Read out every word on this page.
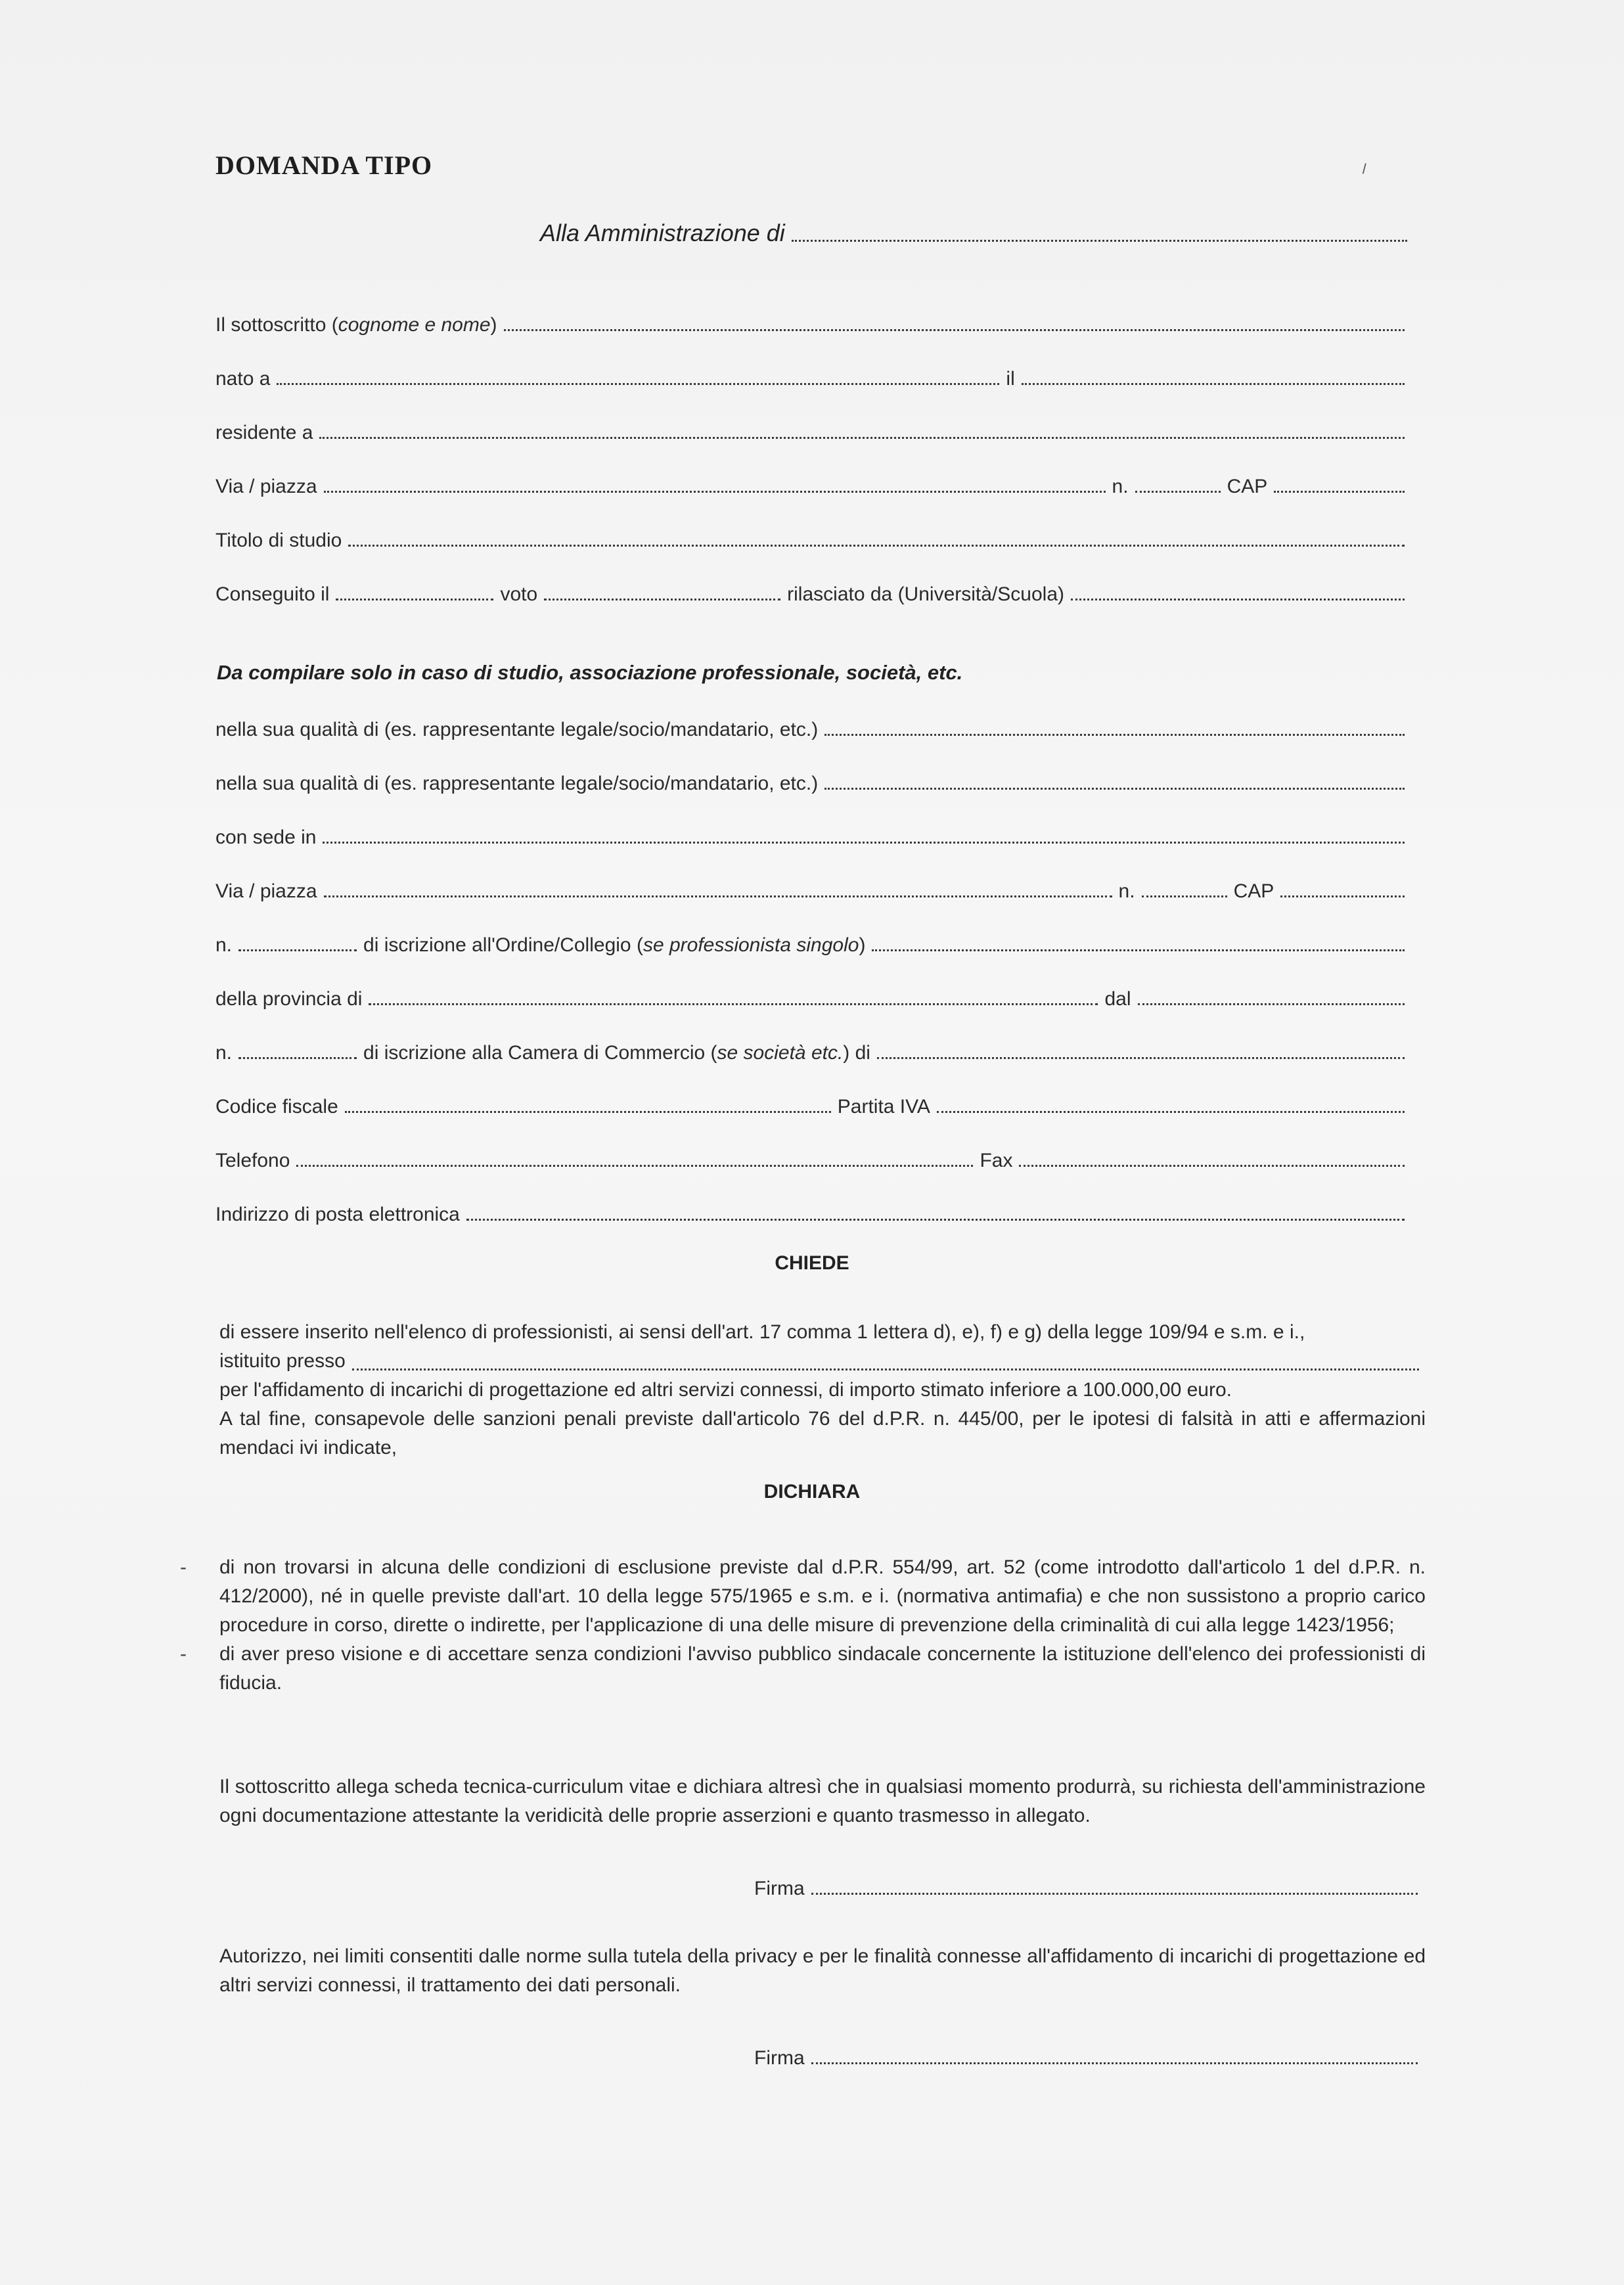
⸌
DOMANDA TIPO
Alla Amministrazione di
Il sottoscritto (cognome e nome)
nato a	il
residente a
Via / piazza	n.	CAP
Titolo di studio
Conseguito il	voto	rilasciato da (Università/Scuola)
Da compilare solo in caso di studio, associazione professionale, società, etc.
nella sua qualità di (es. rappresentante legale/socio/mandatario, etc.)
nella sua qualità di (es. rappresentante legale/socio/mandatario, etc.)
con sede in
Via / piazza	n.	CAP
n.	di iscrizione all'Ordine/Collegio (se professionista singolo)
della provincia di	dal
n.	di iscrizione alla Camera di Commercio (se società etc.) di
Codice fiscale	Partita IVA
Telefono	Fax
Indirizzo di posta elettronica
CHIEDE

di essere inserito nell'elenco di professionisti, ai sensi dell'art. 17 comma 1 lettera d), e), f) e g) della legge 109/94 e s.m. e i.,

istituito presso

per l'affidamento di incarichi di progettazione ed altri servizi connessi, di importo stimato inferiore a 100.000,00 euro.

A tal fine, consapevole delle sanzioni penali previste dall'articolo 76 del d.P.R. n. 445/00, per le ipotesi di falsità in atti e affermazioni mendaci ivi indicate,

DICHIARA

- di non trovarsi in alcuna delle condizioni di esclusione previste dal d.P.R. 554/99, art. 52 (come introdotto dall'articolo 1 del d.P.R. n. 412/2000), né in quelle previste dall'art. 10 della legge 575/1965 e s.m. e i. (normativa antimafia) e che non sussistono a proprio carico procedure in corso, dirette o indirette, per l'applicazione di una delle misure di prevenzione della criminalità di cui alla legge 1423/1956;

- di aver preso visione e di accettare senza condizioni l'avviso pubblico sindacale concernente la istituzione dell'elenco dei professionisti di fiducia.

Il sottoscritto allega scheda tecnica-curriculum vitae e dichiara altresì che in qualsiasi momento produrrà, su richiesta dell'amministrazione ogni documentazione attestante la veridicità delle proprie asserzioni e quanto trasmesso in allegato.
Firma
Autorizzo, nei limiti consentiti dalle norme sulla tutela della privacy e per le finalità connesse all'affidamento di incarichi di progettazione ed altri servizi connessi, il trattamento dei dati personali.
Firma
